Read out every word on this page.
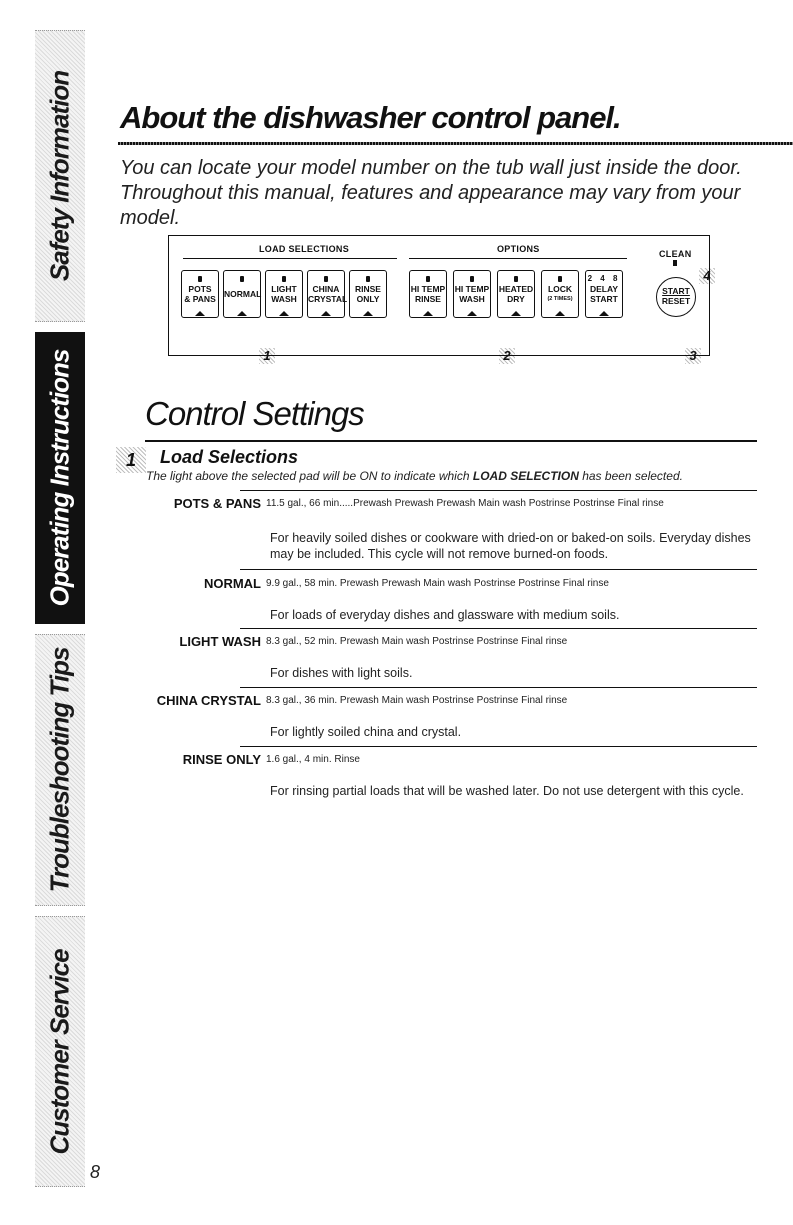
Safety Information
Operating Instructions
Troubleshooting Tips
Customer Service
8
About the dishwasher control panel.

You can locate your model number on the tub wall just inside the door.

Throughout this manual, features and appearance may vary from your model.

LOAD SELECTIONS	OPTIONS	CLEAN
POTS
& PANS NORMAL	LIGHT
WASH
CHINA
CRYSTAL
RINSE
ONLY
HI TEMP
RINSE
HI TEMP
WASH
HEATED
DRY
LOCK
(2 TIMES)
2 4 8
DELAY
START
START
RESET
1	2	3
4
Control Settings
1	Load Selections
The light above the selected pad will be ON to indicate which LOAD SELECTION has been selected.
POTS & PANS 11.5 gal., 66 min.....Prewash Prewash Prewash Main wash Postrinse Postrinse Final rinse
For heavily soiled dishes or cookware with dried-on or baked-on soils. Everyday dishes may be included. This cycle will not remove burned-on foods.
NORMAL 9.9 gal., 58 min. Prewash Prewash Main wash Postrinse Postrinse Final rinse
For loads of everyday dishes and glassware with medium soils.
LIGHT WASH 8.3 gal., 52 min. Prewash Main wash Postrinse Postrinse Final rinse
For dishes with light soils.
CHINA CRYSTAL 8.3 gal., 36 min. Prewash Main wash Postrinse Postrinse Final rinse
For lightly soiled china and crystal.
RINSE ONLY 1.6 gal., 4 min. Rinse
For rinsing partial loads that will be washed later. Do not use detergent with this cycle.
